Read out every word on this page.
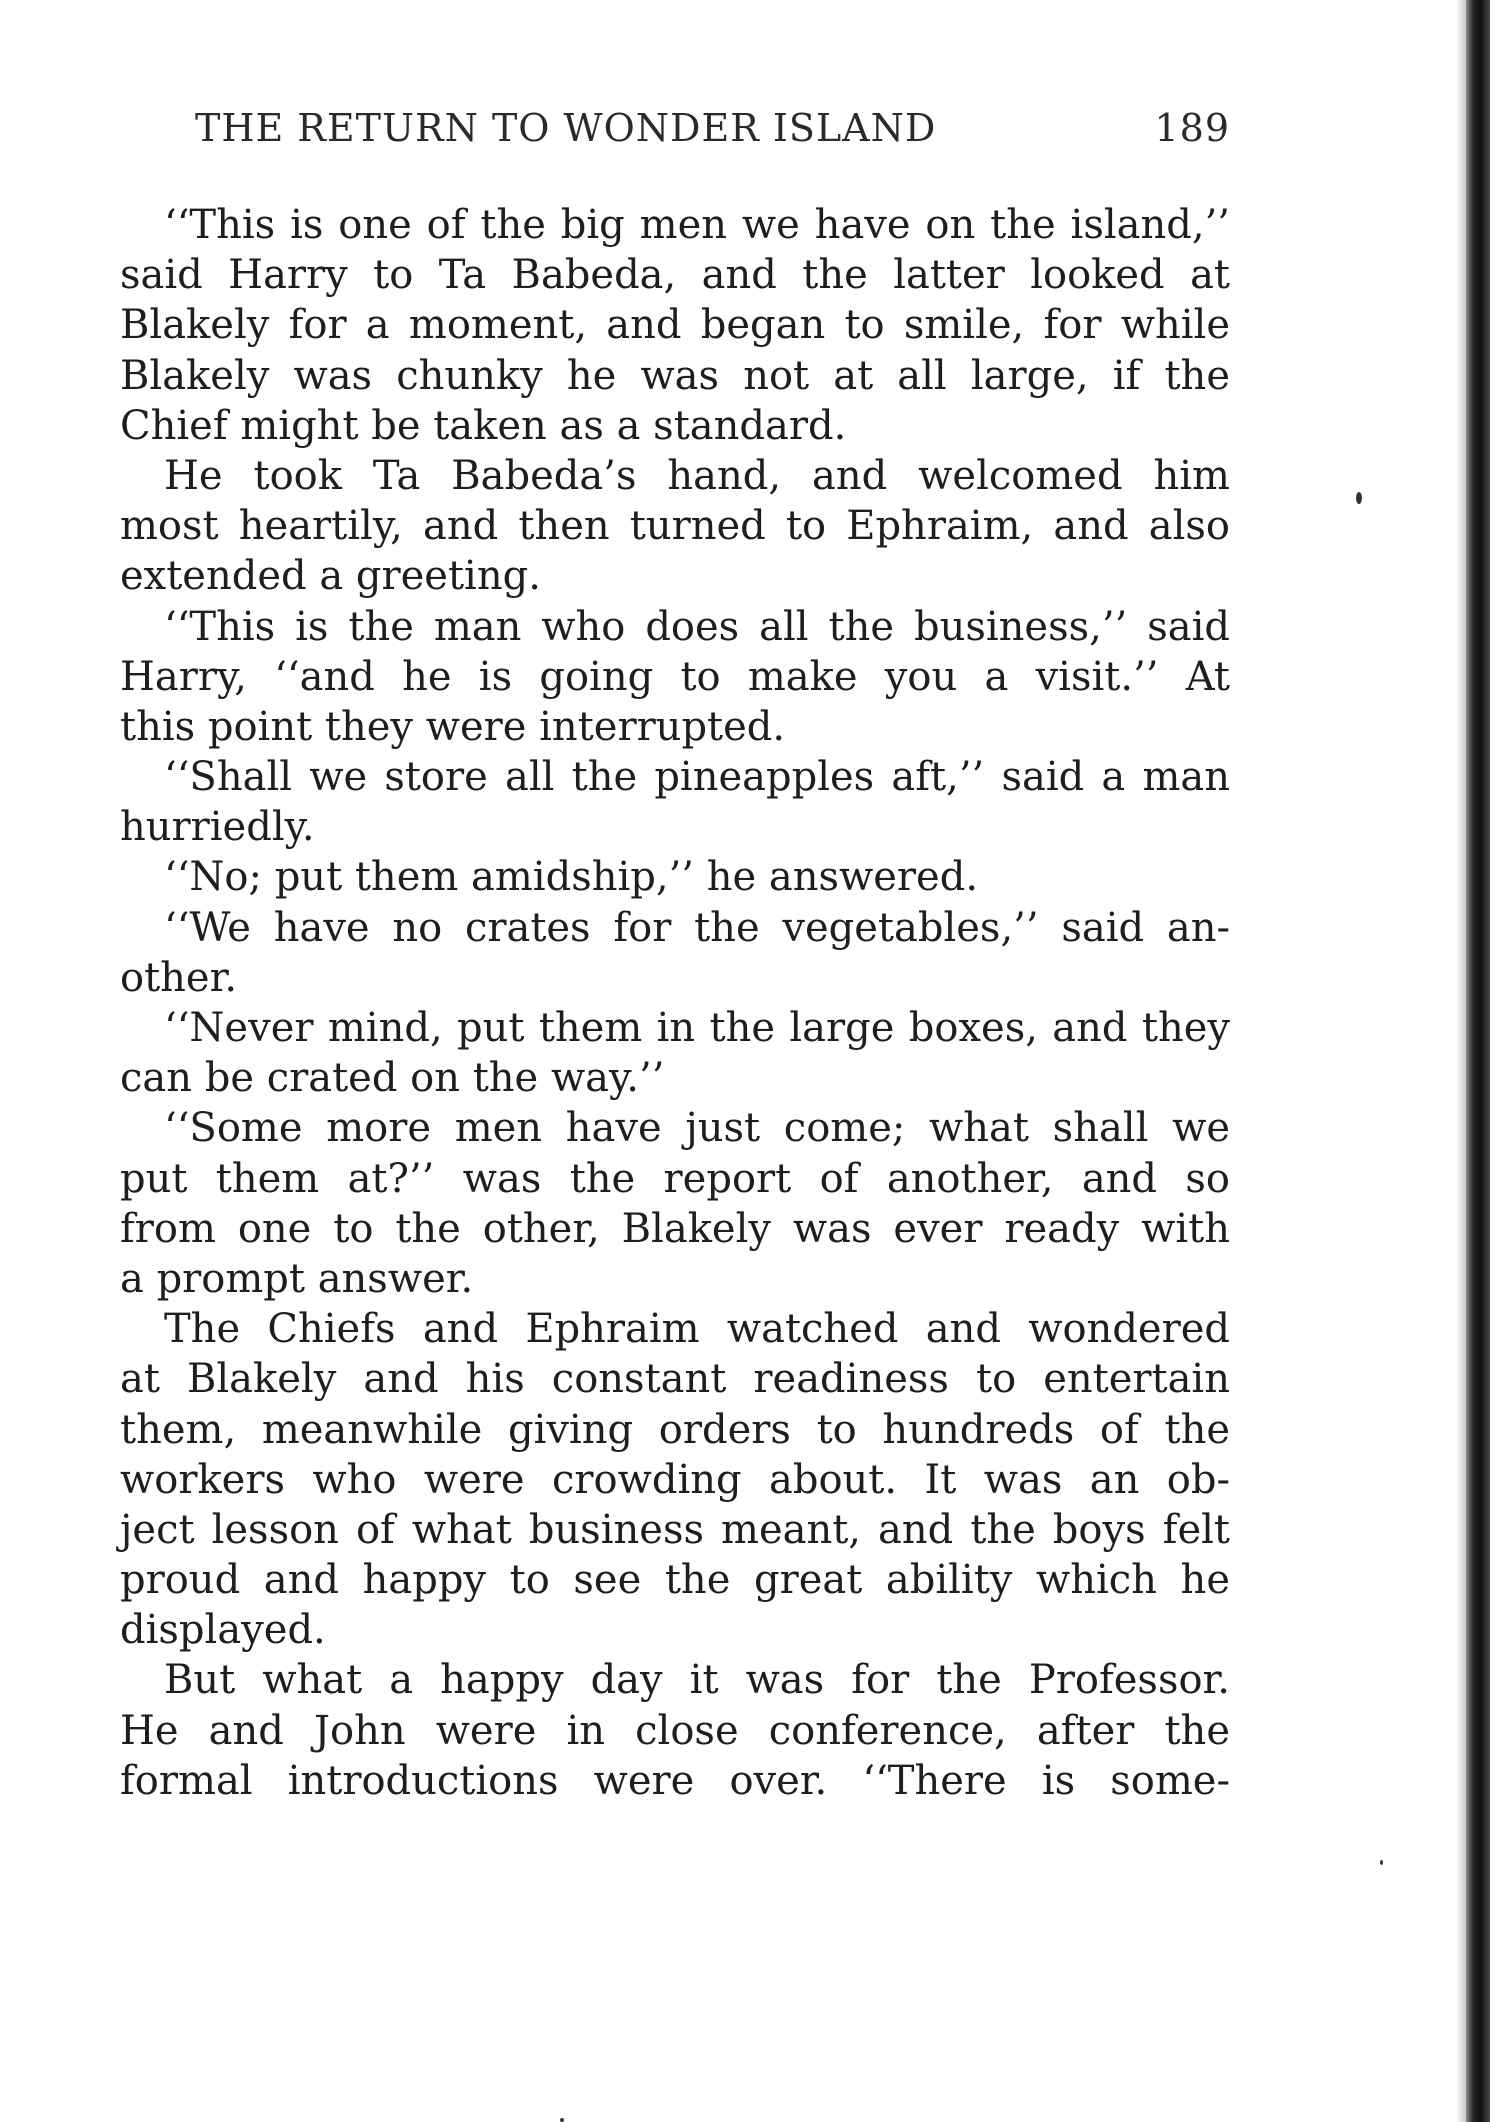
THE RETURN TO WONDER ISLAND	189
‘‘This is one of the big men we have on the island,’’
said Harry to Ta Babeda, and the latter looked at
Blakely for a moment, and began to smile, for while
Blakely was chunky he was not at all large, if the
Chief might be taken as a standard.
He took Ta Babeda’s hand, and welcomed him
most heartily, and then turned to Ephraim, and also
extended a greeting.
‘‘This is the man who does all the business,’’ said
Harry, ‘‘and he is going to make you a visit.’’ At
this point they were interrupted.
‘‘Shall we store all the pineapples aft,’’ said a man
hurriedly.
‘‘No; put them amidship,’’ he answered.
‘‘We have no crates for the vegetables,’’ said an-
other.
‘‘Never mind, put them in the large boxes, and they
can be crated on the way.’’
‘‘Some more men have just come; what shall we
put them at?’’ was the report of another, and so
from one to the other, Blakely was ever ready with
a prompt answer.
The Chiefs and Ephraim watched and wondered
at Blakely and his constant readiness to entertain
them, meanwhile giving orders to hundreds of the
workers who were crowding about. It was an ob-
ject lesson of what business meant, and the boys felt
proud and happy to see the great ability which he
displayed.
But what a happy day it was for the Professor.
He and John were in close conference, after the
formal introductions were over. ‘‘There is some-
